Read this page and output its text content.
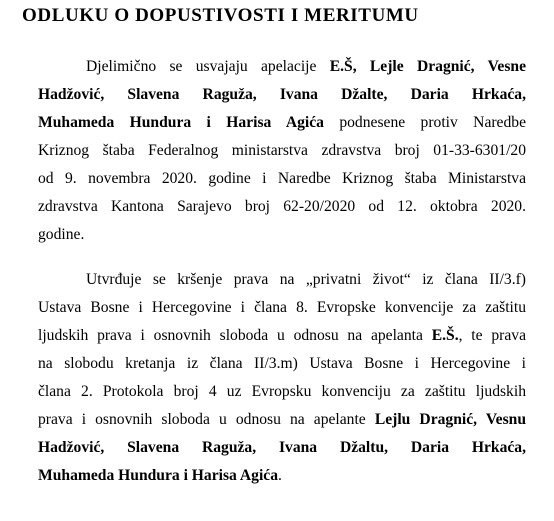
ODLUKU O DOPUSTIVOSTI I MERITUMU
Djelimično se usvajaju apelacije E.Š, Lejle Dragnić, Vesne
Hadžović, Slavena Raguža, Ivana Džalte, Daria Hrkaća,
Muhameda Hundura i Harisa Agića podnesene protiv Naredbe
Kriznog štaba Federalnog ministarstva zdravstva broj 01-33-6301/20
od 9. novembra 2020. godine i Naredbe Kriznog štaba Ministarstva
zdravstva Kantona Sarajevo broj 62-20/2020 od 12. oktobra 2020.
godine.
Utvrđuje se kršenje prava na „privatni život“ iz člana II/3.f)
Ustava Bosne i Hercegovine i člana 8. Evropske konvencije za zaštitu
ljudskih prava i osnovnih sloboda u odnosu na apelanta E.Š., te prava
na slobodu kretanja iz člana II/3.m) Ustava Bosne i Hercegovine i
člana 2. Protokola broj 4 uz Evropsku konvenciju za zaštitu ljudskih
prava i osnovnih sloboda u odnosu na apelante Lejlu Dragnić, Vesnu
Hadžović, Slavena Raguža, Ivana Džaltu, Daria Hrkaća,
Muhameda Hundura i Harisa Agića.
